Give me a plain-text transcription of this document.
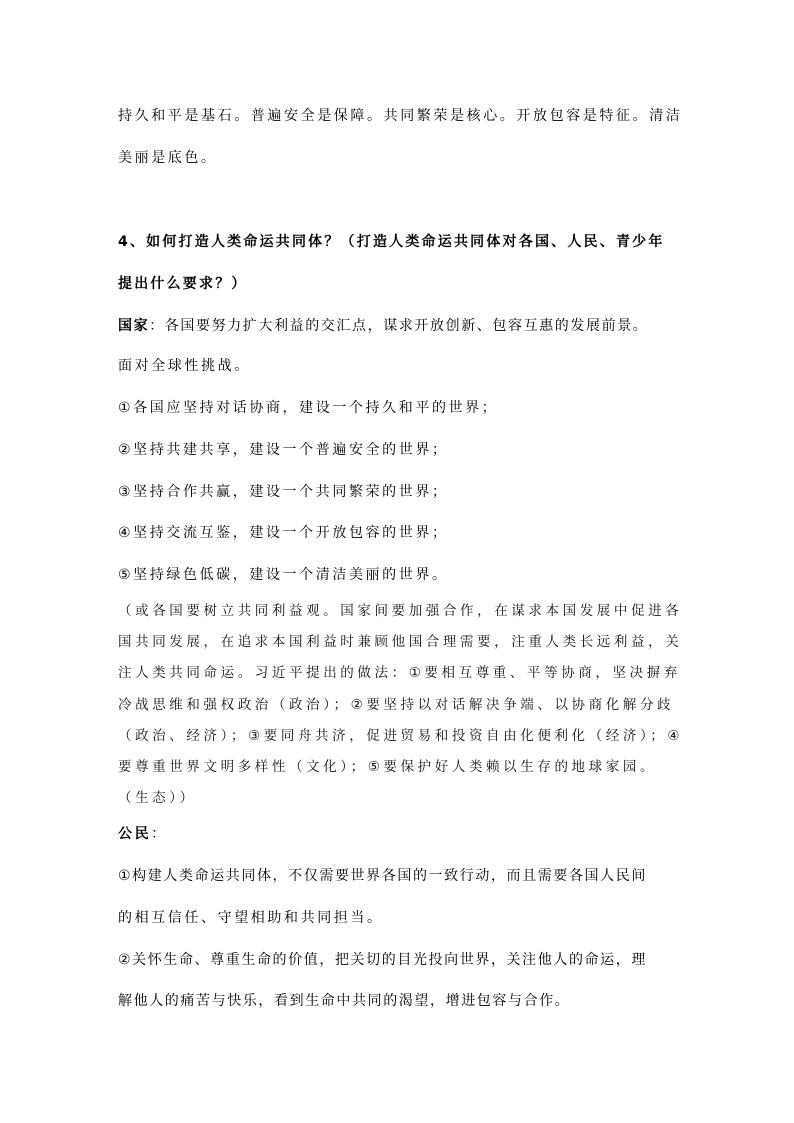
持久和平是基石。普遍安全是保障。共同繁荣是核心。开放包容是特征。清洁
美丽是底色。
4、如何打造人类命运共同体？（打造人类命运共同体对各国、人民、青少年
提出什么要求？）
国家：各国要努力扩大利益的交汇点，谋求开放创新、包容互惠的发展前景。
面对全球性挑战。
①各国应坚持对话协商，建设一个持久和平的世界；
②坚持共建共享，建设一个普遍安全的世界；
③坚持合作共赢，建设一个共同繁荣的世界；
④坚持交流互鉴，建设一个开放包容的世界；
⑤坚持绿色低碳，建设一个清洁美丽的世界。
（或各国要树立共同利益观。国家间要加强合作，在谋求本国发展中促进各
国共同发展，在追求本国利益时兼顾他国合理需要，注重人类长远利益，关
注人类共同命运。习近平提出的做法：①要相互尊重、平等协商，坚决摒弃
冷战思维和强权政治（政治）；②要坚持以对话解决争端、以协商化解分歧
（政治、经济）；③要同舟共济，促进贸易和投资自由化便利化（经济）；④
要尊重世界文明多样性（文化）；⑤要保护好人类赖以生存的地球家园。
（生态））
公民：
①构建人类命运共同体，不仅需要世界各国的一致行动，而且需要各国人民间
的相互信任、守望相助和共同担当。
②关怀生命、尊重生命的价值，把关切的目光投向世界，关注他人的命运，理
解他人的痛苦与快乐，看到生命中共同的渴望，增进包容与合作。
